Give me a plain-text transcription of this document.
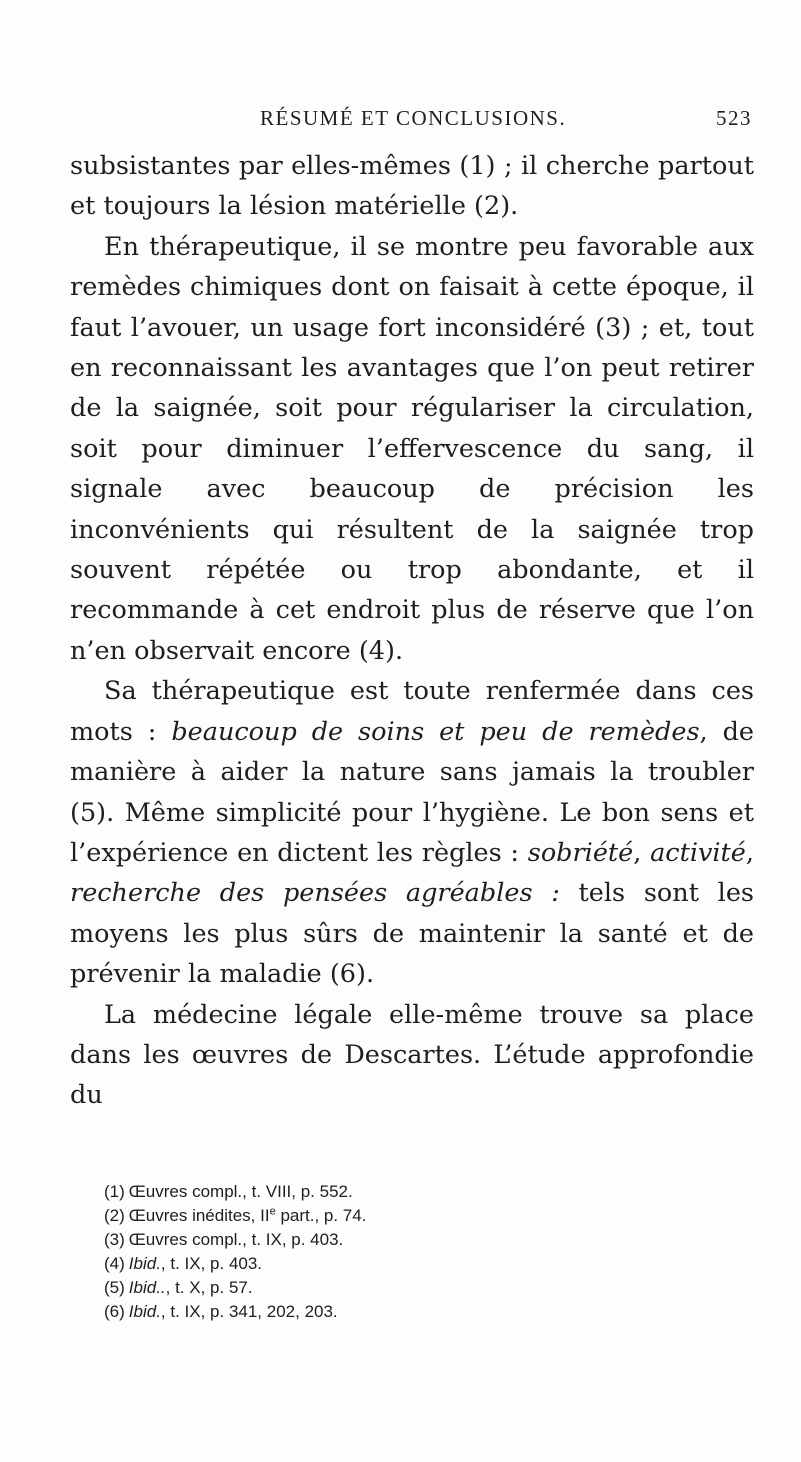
RÉSUMÉ ET CONCLUSIONS.	523

subsistantes par elles-mêmes (1) ; il cherche partout et toujours la lésion matérielle (2).

En thérapeutique, il se montre peu favorable aux remèdes chimiques dont on faisait à cette époque, il faut l’avouer, un usage fort inconsidéré (3) ; et, tout en reconnaissant les avantages que l’on peut retirer de la saignée, soit pour régulariser la circulation, soit pour diminuer l’effervescence du sang, il signale avec beaucoup de précision les inconvénients qui résultent de la saignée trop souvent répétée ou trop abondante, et il recommande à cet endroit plus de réserve que l’on n’en observait encore (4).

Sa thérapeutique est toute renfermée dans ces mots : beaucoup de soins et peu de remèdes, de manière à aider la nature sans jamais la troubler (5). Même simplicité pour l’hygiène. Le bon sens et l’expérience en dictent les règles : sobriété, activité, recherche des pensées agréables : tels sont les moyens les plus sûrs de maintenir la santé et de prévenir la maladie (6).

La médecine légale elle-même trouve sa place dans les œuvres de Descartes. L’étude approfondie du

(1) Œuvres compl., t. VIII, p. 552.
(2) Œuvres inédites, IIe part., p. 74.
(3) Œuvres compl., t. IX, p. 403.
(4) Ibid., t. IX, p. 403.
(5) Ibid.., t. X, p. 57.
(6) Ibid., t. IX, p. 341, 202, 203.
